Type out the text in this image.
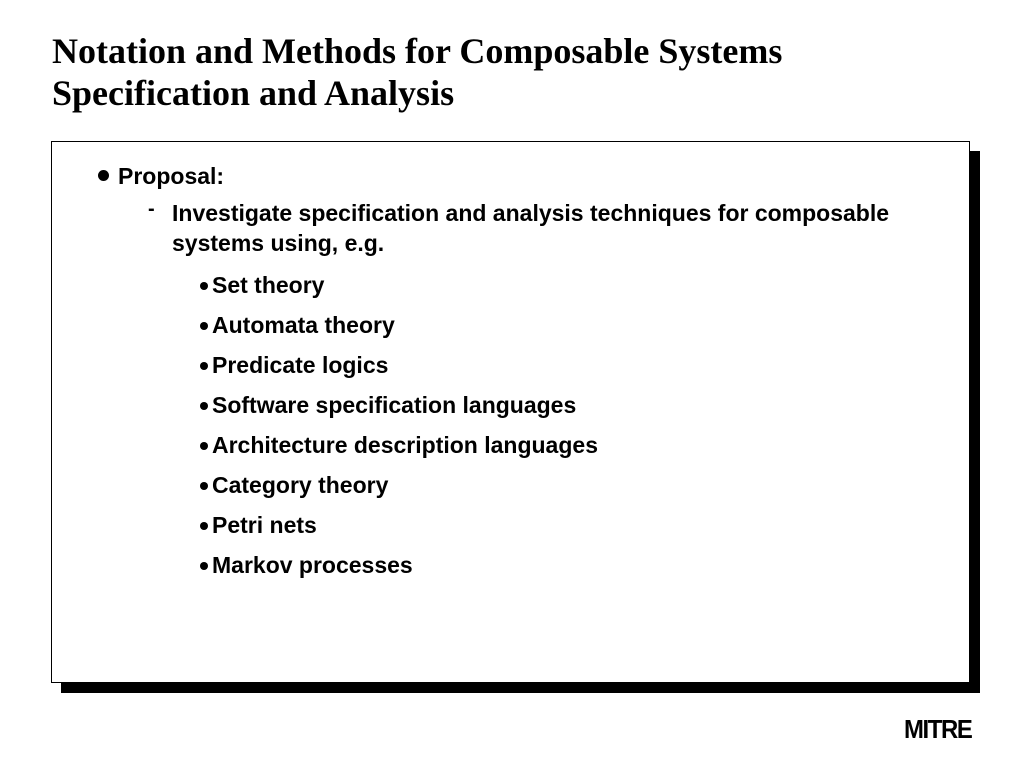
Notation and Methods for Composable Systems
Specification and Analysis
Proposal:
- Investigate specification and analysis techniques for composable systems using, e.g.
Set theory
Automata theory
Predicate logics
Software specification languages
Architecture description languages
Category theory
Petri nets
Markov processes
MITRE
